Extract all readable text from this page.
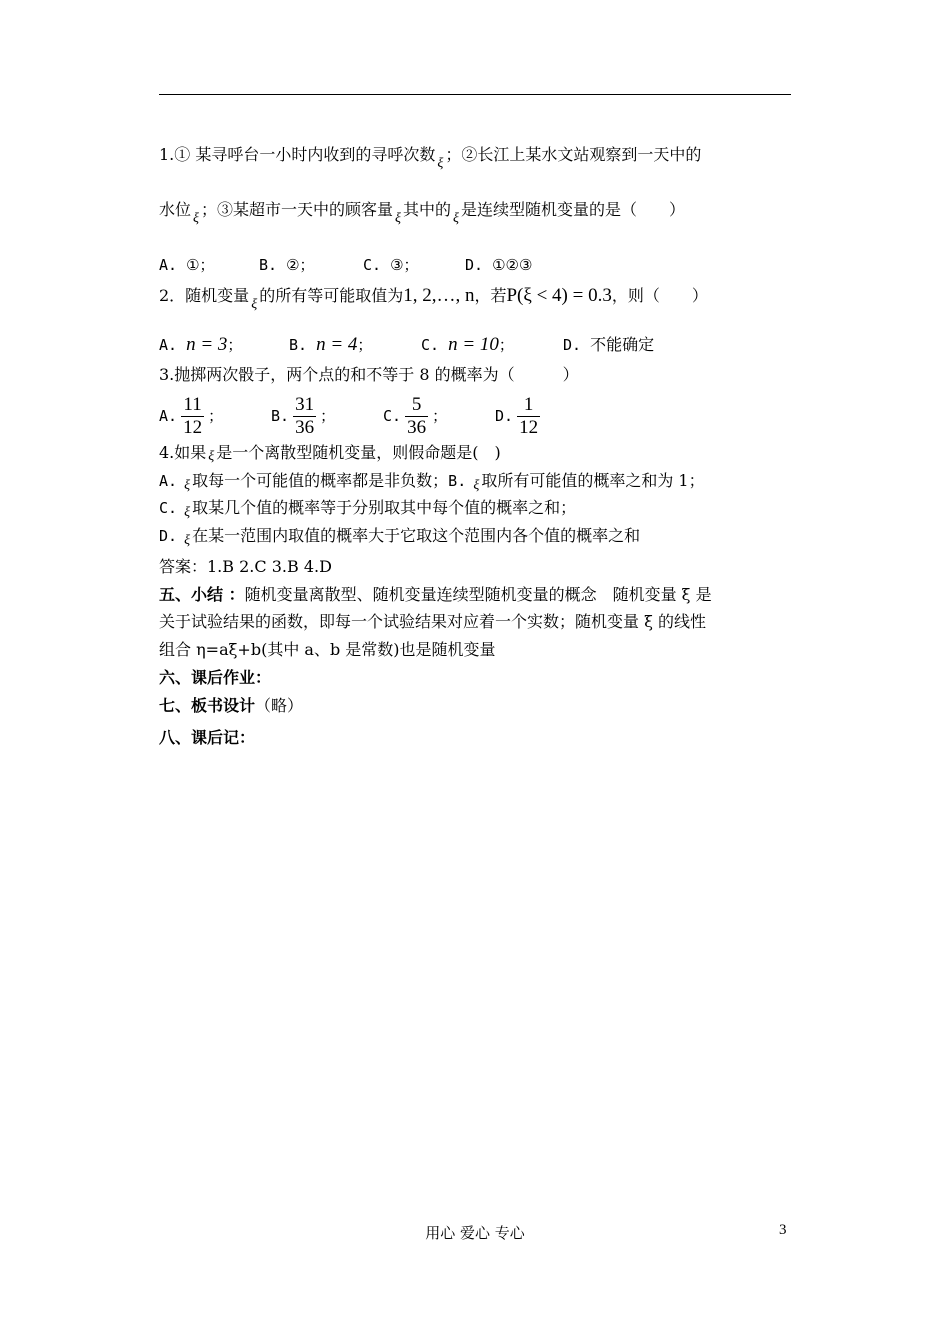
1.① 某寻呼台一小时内收到的寻呼次数 ξ ；②长江上某水文站观察到一天中的
水位 ξ ；③某超市一天中的顾客量 ξ 其中的 ξ 是连续型随机变量的是（　　）
A. ①；	B. ②；	C. ③；	D. ①②③
2．随机变量 ξ 的所有等可能取值为1, 2,…, n，若P(ξ < 4) = 0.3，则（　　）
A. n = 3；	B. n = 4；	C. n = 10；	D. 不能确定
3.抛掷两次骰子，两个点的和不等于 8 的概率为（　　　）
A. $\frac{11}{12}$ ；	B. $\frac{31}{36}$ ；	C. $\frac{5}{36}$ ；	D. $\frac{1}{12}$
4.如果 ξ 是一个离散型随机变量，则假命题是(　)
A. ξ 取每一个可能值的概率都是非负数；B. ξ 取所有可能值的概率之和为 1；
C. ξ 取某几个值的概率等于分别取其中每个值的概率之和；
D. ξ 在某一范围内取值的概率大于它取这个范围内各个值的概率之和
答案：1.B 2.C 3.B 4.D
五、小结 ：随机变量离散型、随机变量连续型随机变量的概念　随机变量 ξ 是
关于试验结果的函数，即每一个试验结果对应着一个实数；随机变量 ξ 的线性
组合 η=aξ+b(其中 a、b 是常数)也是随机变量
六、课后作业：
七、板书设计（略）
八、课后记：
用心 爱心 专心	3
